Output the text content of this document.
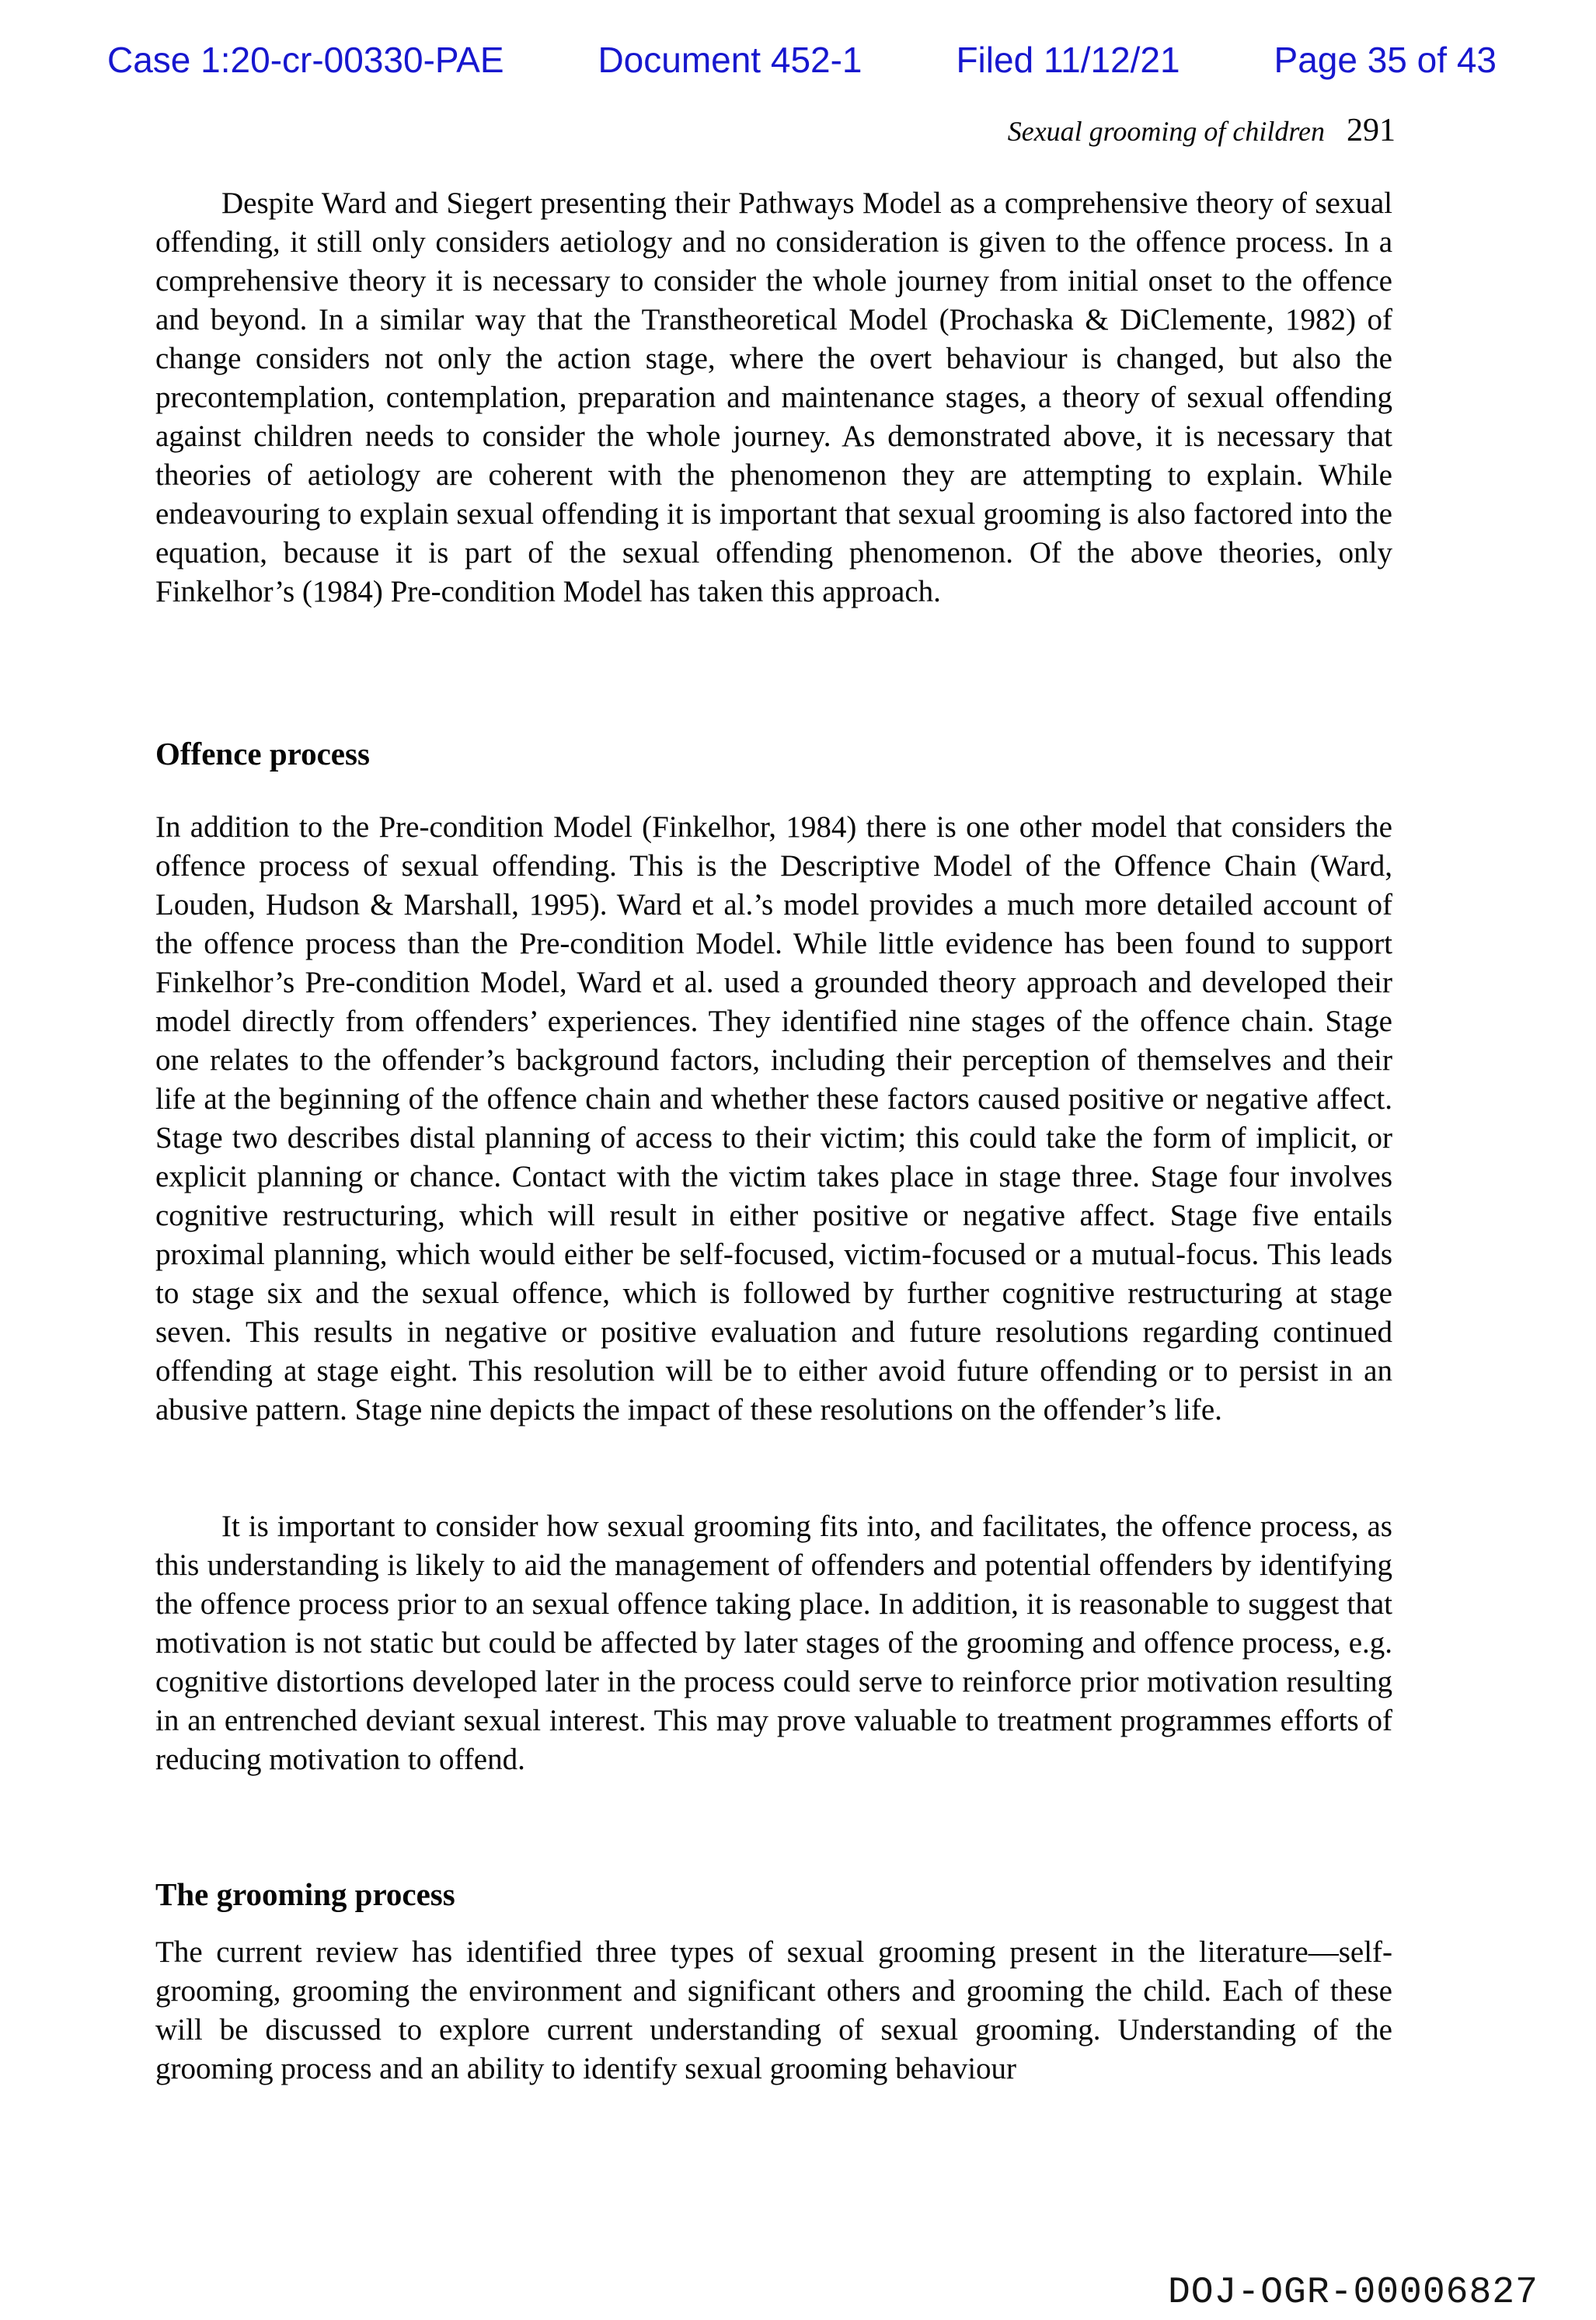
Case 1:20-cr-00330-PAE	Document 452-1	Filed 11/12/21	Page 35 of 43
Sexual grooming of children 291

Despite Ward and Siegert presenting their Pathways Model as a comprehensive theory of sexual offending, it still only considers aetiology and no consideration is given to the offence process. In a comprehensive theory it is necessary to consider the whole journey from initial onset to the offence and beyond. In a similar way that the Transtheoretical Model (Prochaska & DiClemente, 1982) of change considers not only the action stage, where the overt behaviour is changed, but also the precontemplation, contemplation, preparation and maintenance stages, a theory of sexual offending against children needs to consider the whole journey. As demonstrated above, it is necessary that theories of aetiology are coherent with the phenomenon they are attempting to explain. While endeavouring to explain sexual offending it is important that sexual grooming is also factored into the equation, because it is part of the sexual offending phenomenon. Of the above theories, only Finkelhor’s (1984) Pre-condition Model has taken this approach.

Offence process

In addition to the Pre-condition Model (Finkelhor, 1984) there is one other model that considers the offence process of sexual offending. This is the Descriptive Model of the Offence Chain (Ward, Louden, Hudson & Marshall, 1995). Ward et al.’s model provides a much more detailed account of the offence process than the Pre-condition Model. While little evidence has been found to support Finkelhor’s Pre-condition Model, Ward et al. used a grounded theory approach and developed their model directly from offenders’ experiences. They identified nine stages of the offence chain. Stage one relates to the offender’s background factors, including their perception of themselves and their life at the beginning of the offence chain and whether these factors caused positive or negative affect. Stage two describes distal planning of access to their victim; this could take the form of implicit, or explicit planning or chance. Contact with the victim takes place in stage three. Stage four involves cognitive restructuring, which will result in either positive or negative affect. Stage five entails proximal planning, which would either be self-focused, victim-focused or a mutual-focus. This leads to stage six and the sexual offence, which is followed by further cognitive restructuring at stage seven. This results in negative or positive evaluation and future resolutions regarding continued offending at stage eight. This resolution will be to either avoid future offending or to persist in an abusive pattern. Stage nine depicts the impact of these resolutions on the offender’s life.

It is important to consider how sexual grooming fits into, and facilitates, the offence process, as this understanding is likely to aid the management of offenders and potential offenders by identifying the offence process prior to an sexual offence taking place. In addition, it is reasonable to suggest that motivation is not static but could be affected by later stages of the grooming and offence process, e.g. cognitive distortions developed later in the process could serve to reinforce prior motivation resulting in an entrenched deviant sexual interest. This may prove valuable to treatment programmes efforts of reducing motivation to offend.

The grooming process

The current review has identified three types of sexual grooming present in the literature—self-grooming, grooming the environment and significant others and grooming the child. Each of these will be discussed to explore current understanding of sexual grooming. Understanding of the grooming process and an ability to identify sexual grooming behaviour

DOJ-OGR-00006827
